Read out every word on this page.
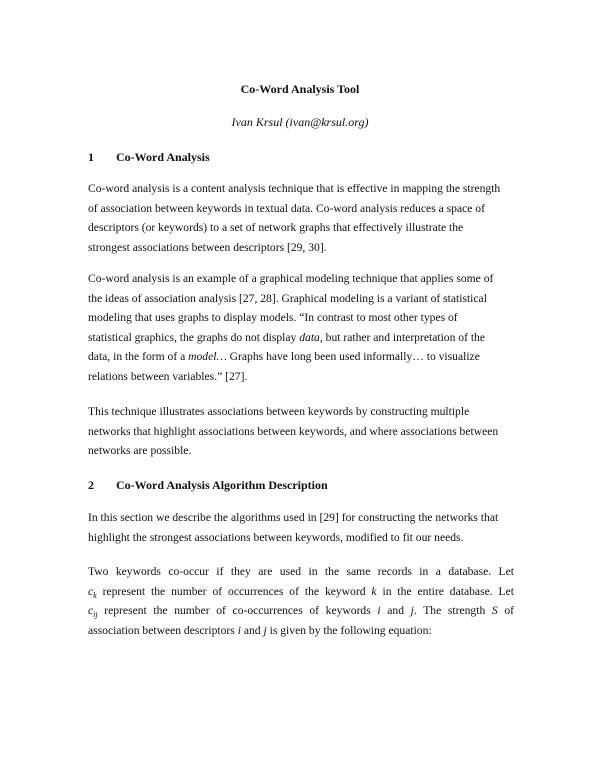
Co-Word Analysis Tool
Ivan Krsul (ivan@krsul.org)
1 Co-Word Analysis
Co-word analysis is a content analysis technique that is effective in mapping the strength
of association between keywords in textual data. Co-word analysis reduces a space of
descriptors (or keywords) to a set of network graphs that effectively illustrate the
strongest associations between descriptors [29, 30].
Co-word analysis is an example of a graphical modeling technique that applies some of
the ideas of association analysis [27, 28]. Graphical modeling is a variant of statistical
modeling that uses graphs to display models. “In contrast to most other types of
statistical graphics, the graphs do not display data, but rather and interpretation of the
data, in the form of a model… Graphs have long been used informally… to visualize
relations between variables.” [27].
This technique illustrates associations between keywords by constructing multiple
networks that highlight associations between keywords, and where associations between
networks are possible.
2 Co-Word Analysis Algorithm Description
In this section we describe the algorithms used in [29] for constructing the networks that
highlight the strongest associations between keywords, modified to fit our needs.
Two keywords co-occur if they are used in the same records in a database. Let
$c_k$ represent the number of occurrences of the keyword k in the entire database. Let
$c_{ij}$ represent the number of co-occurrences of keywords i and j. The strength S of
association between descriptors i and j is given by the following equation:
